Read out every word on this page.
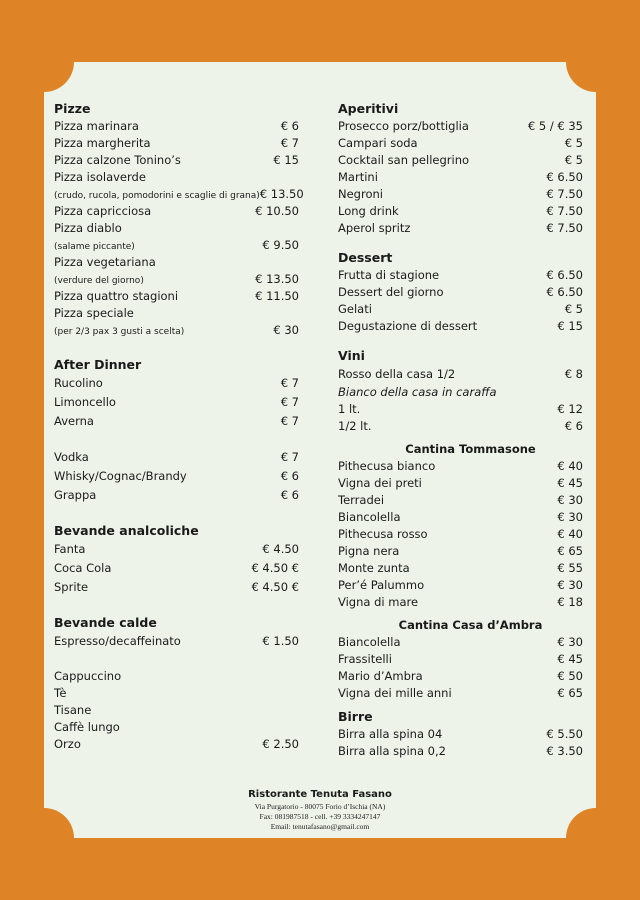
Pizze
Pizza marinara	€ 6
Pizza margherita	€ 7
Pizza calzone Tonino’s	€ 15
Pizza isolaverde
(crudo, rucola, pomodorini e scaglie di grana) € 13.50
Pizza capricciosa	€ 10.50
Pizza diablo
(salame piccante)	€ 9.50
Pizza vegetariana
(verdure del giorno)	€ 13.50
Pizza quattro stagioni	€ 11.50
Pizza speciale
(per 2/3 pax 3 gusti a scelta)	€ 30
After Dinner
Rucolino	€ 7
Limoncello	€ 7
Averna	€ 7
Vodka	€ 7
Whisky/Cognac/Brandy	€ 6
Grappa	€ 6
Bevande analcoliche
Fanta	€ 4.50
Coca Cola	€ 4.50 €
Sprite	€ 4.50 €
Bevande calde
Espresso/decaffeinato	€ 1.50
Cappuccino
Tè
Tisane
Caffè lungo
Orzo	€ 2.50
Aperitivi
Prosecco porz/bottiglia	€ 5 / € 35
Campari soda	€ 5
Cocktail san pellegrino	€ 5
Martini	€ 6.50
Negroni	€ 7.50
Long drink	€ 7.50
Aperol spritz	€ 7.50
Dessert
Frutta di stagione	€ 6.50
Dessert del giorno	€ 6.50
Gelati	€ 5
Degustazione di dessert	€ 15
Vini
Rosso della casa 1/2	€ 8
Bianco della casa in caraffa
1 lt.	€ 12
1/2 lt.	€ 6
Cantina Tommasone
Pithecusa bianco	€ 40
Vigna dei preti	€ 45
Terradei	€ 30
Biancolella	€ 30
Pithecusa rosso	€ 40
Pigna nera	€ 65
Monte zunta	€ 55
Per’é Palummo	€ 30
Vigna di mare	€ 18
Cantina Casa d’Ambra
Biancolella	€ 30
Frassitelli	€ 45
Mario d’Ambra	€ 50
Vigna dei mille anni	€ 65
Birre
Birra alla spina 04	€ 5.50
Birra alla spina 0,2	€ 3.50
Ristorante Tenuta Fasano
Via Purgatorio - 80075 Forio d’Ischia (NA)
Fax: 081987518 - cell. +39 3334247147
Email: tenutafasano@gmail.com
